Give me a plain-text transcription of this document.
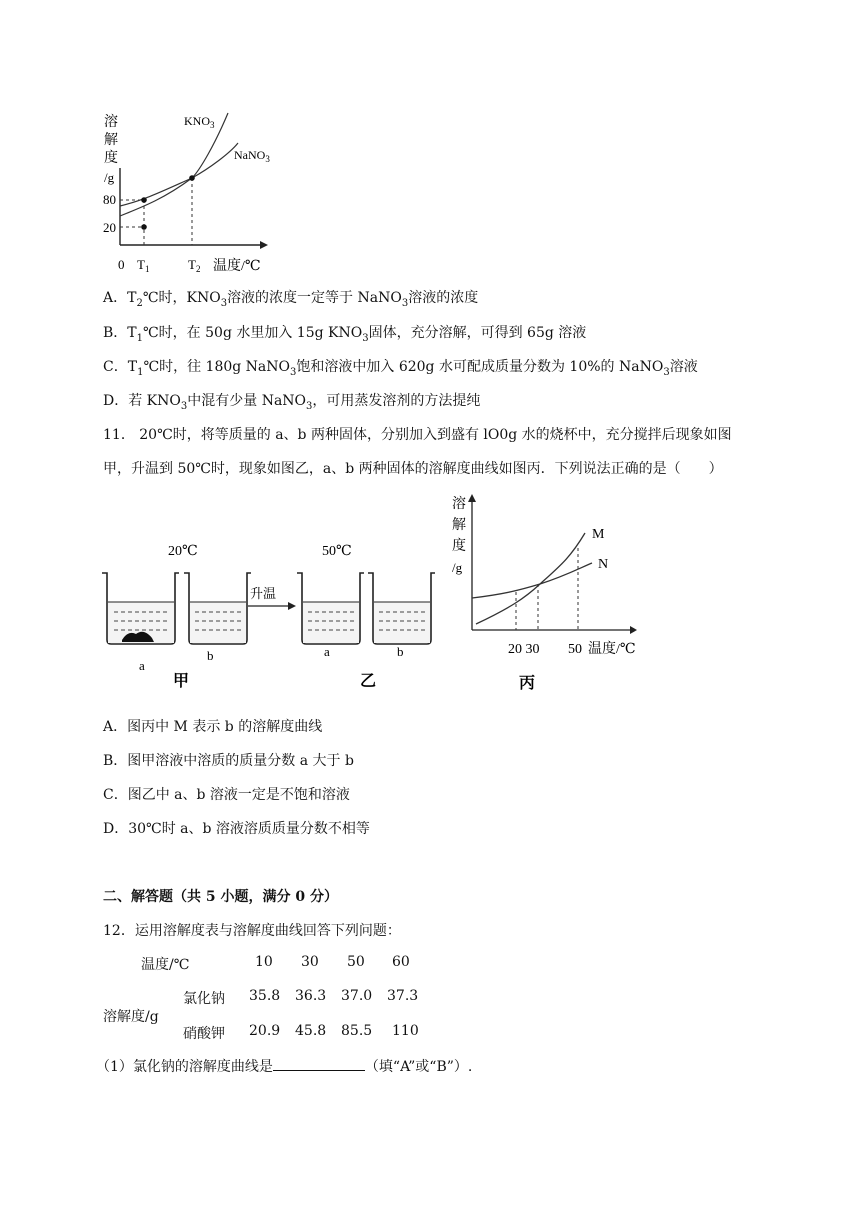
溶
解
度
/g
$KNO_3$
NaNO$_3$
80
20
0 $T_1$	$T_2$ 温度/℃
A．$T_2℃$时，$KNO_3$溶液的浓度一定等于 NaNO$_3$溶液的浓度
B．$T_1℃$时，在 50g 水里加入 15g $KNO_3$固体，充分溶解，可得到 65g 溶液
C．$T_1℃$时，往 180g NaNO$_3$饱和溶液中加入 620g 水可配成质量分数为 10%的 NaNO$_3$溶液
D．若 $KNO_3$中混有少量 NaNO$_3$，可用蒸发溶剂的方法提纯
11． 20℃时，将等质量的 a、b 两种固体，分别加入到盛有 lO0g 水的烧杯中，充分搅拌后现象如图
甲，升温到 50℃时，现象如图乙，a、b 两种固体的溶解度曲线如图丙．下列说法正确的是（　　）
20℃	50℃
a
b
甲
升温
a	b
乙
溶
解
度
/g
M
N
20 30 50 温度/℃
丙
A．图丙中 M 表示 b 的溶解度曲线
B．图甲溶液中溶质的质量分数 a 大于 b
C．图乙中 a、b 溶液一定是不饱和溶液
D．30℃时 a、b 溶液溶质质量分数不相等
二、解答题（共 5 小题，满分 0 分）
12．运用溶解度表与溶解度曲线回答下列问题：
温度/℃	10 30 50 60
溶解度/g
氯化钠 35.8 36.3 37.0 37.3
硝酸钾 20.9 45.8 85.5 110
（1）氯化钠的溶解度曲线是	（填“A”或“B”）.
